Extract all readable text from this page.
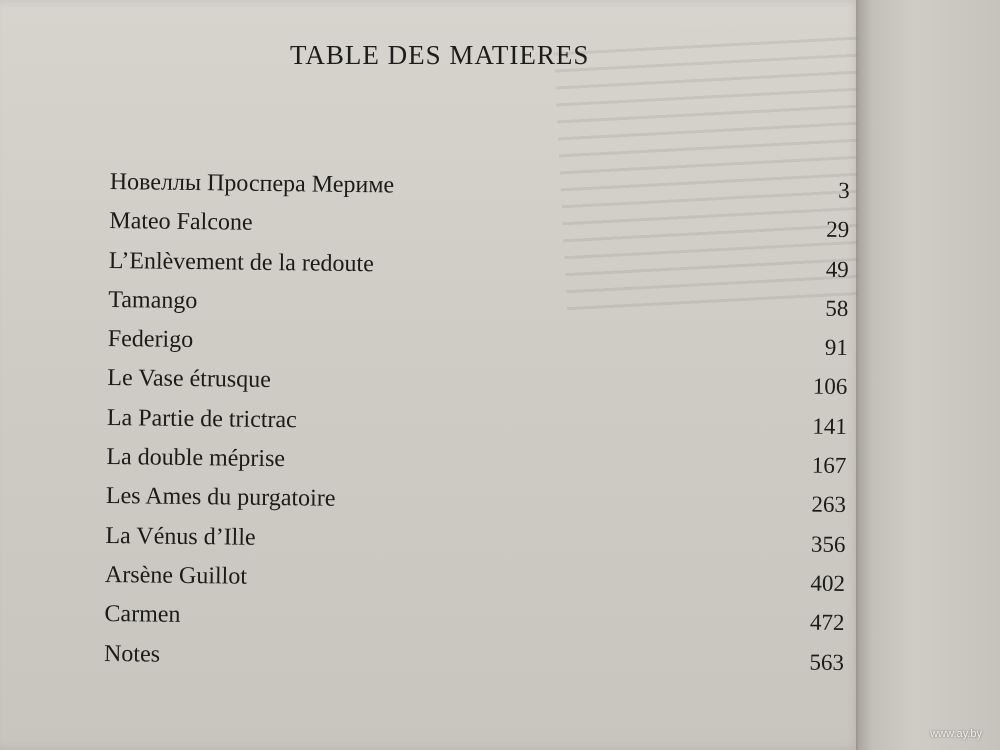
TABLE DES MATIERES
Новеллы Проспера Мериме	3
Mateo Falcone	29
L’Enlèvement de la redoute	49
Tamango	58
Federigo	91
Le Vase étrusque	106
La Partie de trictrac	141
La double méprise	167
Les Ames du purgatoire	263
La Vénus d’Ille	356
Arsène Guillot	402
Carmen	472
Notes	563
www.ay.by
